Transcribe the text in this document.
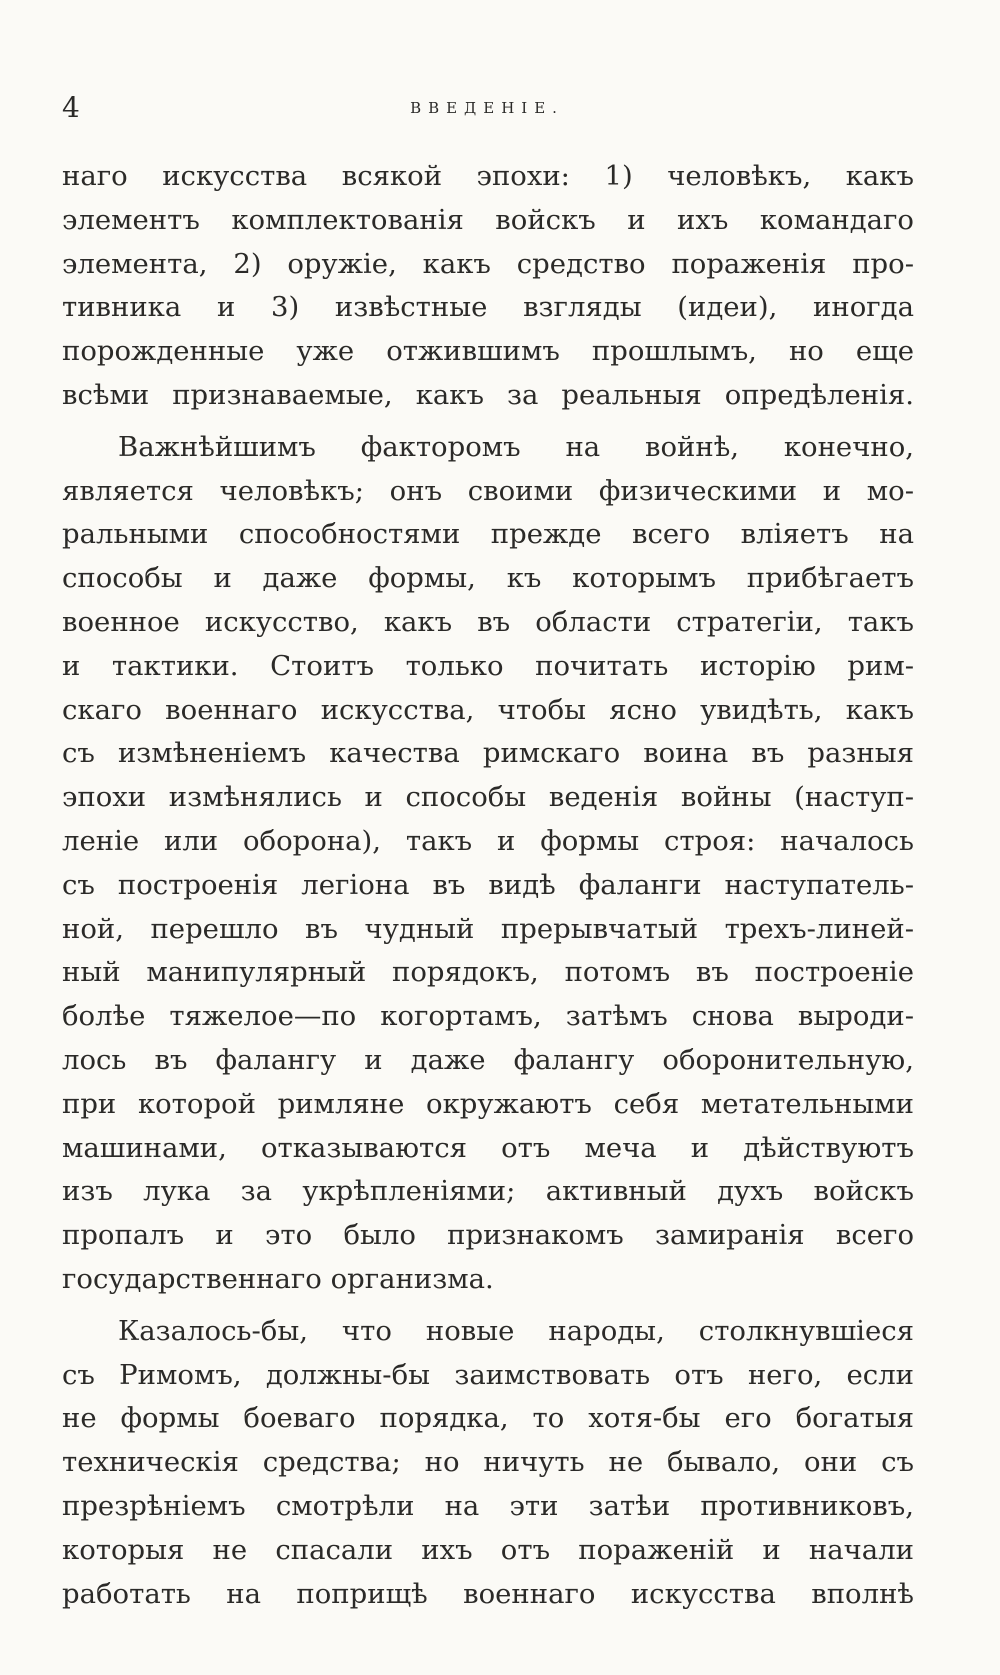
4	ВВЕДЕНІЕ.
наго искусства всякой эпохи: 1) человѣкъ, какъ
элементъ комплектованія войскъ и ихъ командаго
элемента, 2) оружіе, какъ средство пораженія про-
тивника и 3) извѣстные взгляды (идеи), иногда
порожденные уже отжившимъ прошлымъ, но еще
всѣми признаваемые, какъ за реальныя опредѣленія.
Важнѣйшимъ факторомъ на войнѣ, конечно,
является человѣкъ; онъ своими физическими и мо-
ральными способностями прежде всего вліяетъ на
способы и даже формы, къ которымъ прибѣгаетъ
военное искусство, какъ въ области стратегіи, такъ
и тактики. Стоитъ только почитать исторію рим-
скаго военнаго искусства, чтобы ясно увидѣть, какъ
съ измѣненіемъ качества римскаго воина въ разныя
эпохи измѣнялись и способы веденія войны (наступ-
леніе или оборона), такъ и формы строя: началось
съ построенія легіона въ видѣ фаланги наступатель-
ной, перешло въ чудный прерывчатый трехъ-линей-
ный манипулярный порядокъ, потомъ въ построеніе
болѣе тяжелое—по когортамъ, затѣмъ снова выроди-
лось въ фалангу и даже фалангу оборонительную,
при которой римляне окружаютъ себя метательными
машинами, отказываются отъ меча и дѣйствуютъ
изъ лука за укрѣпленіями; активный духъ войскъ
пропалъ и это было признакомъ замиранія всего
государственнаго организма.
Казалось-бы, что новые народы, столкнувшіеся
съ Римомъ, должны-бы заимствовать отъ него, если
не формы боеваго порядка, то хотя-бы его богатыя
техническія средства; но ничуть не бывало, они съ
презрѣніемъ смотрѣли на эти затѣи противниковъ,
которыя не спасали ихъ отъ пораженій и начали
работать на поприщѣ военнаго искусства вполнѣ
